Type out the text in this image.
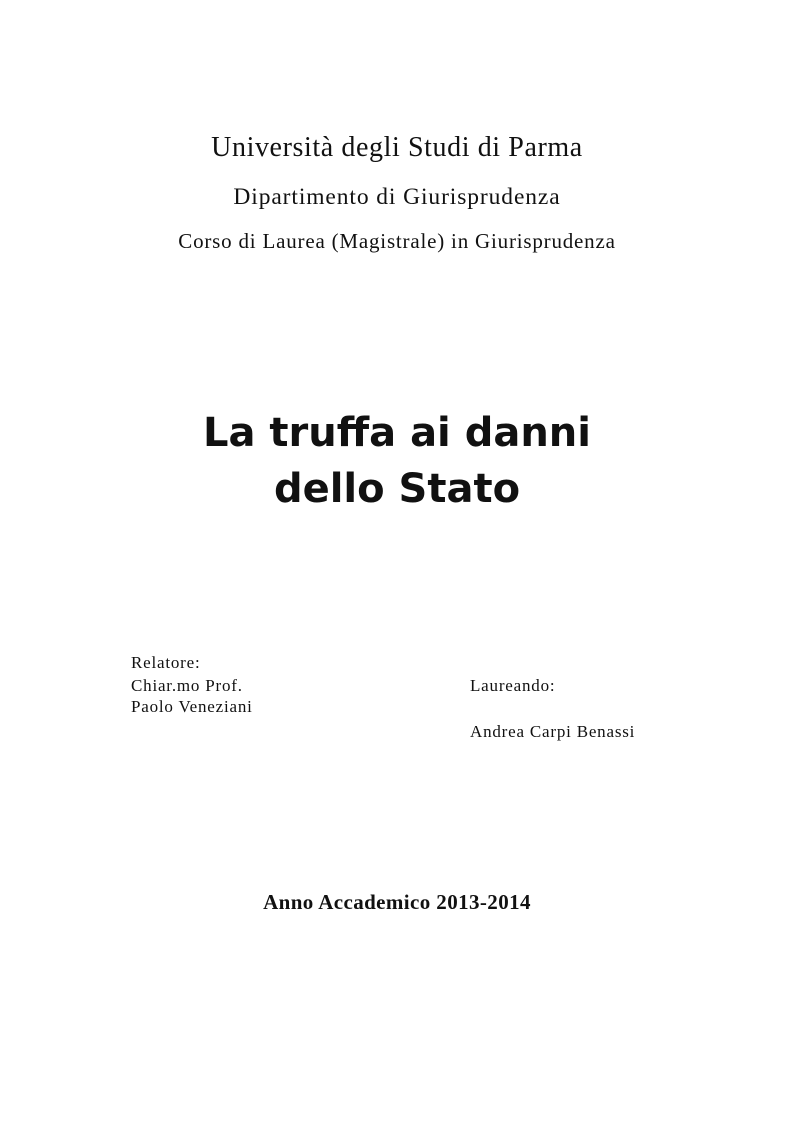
Università degli Studi di Parma
Dipartimento di Giurisprudenza
Corso di Laurea (Magistrale) in Giurisprudenza
La truffa ai danni
dello Stato
Relatore:
Chiar.mo Prof.
Paolo Veneziani
Laureando:
Andrea Carpi Benassi
Anno Accademico 2013-2014
